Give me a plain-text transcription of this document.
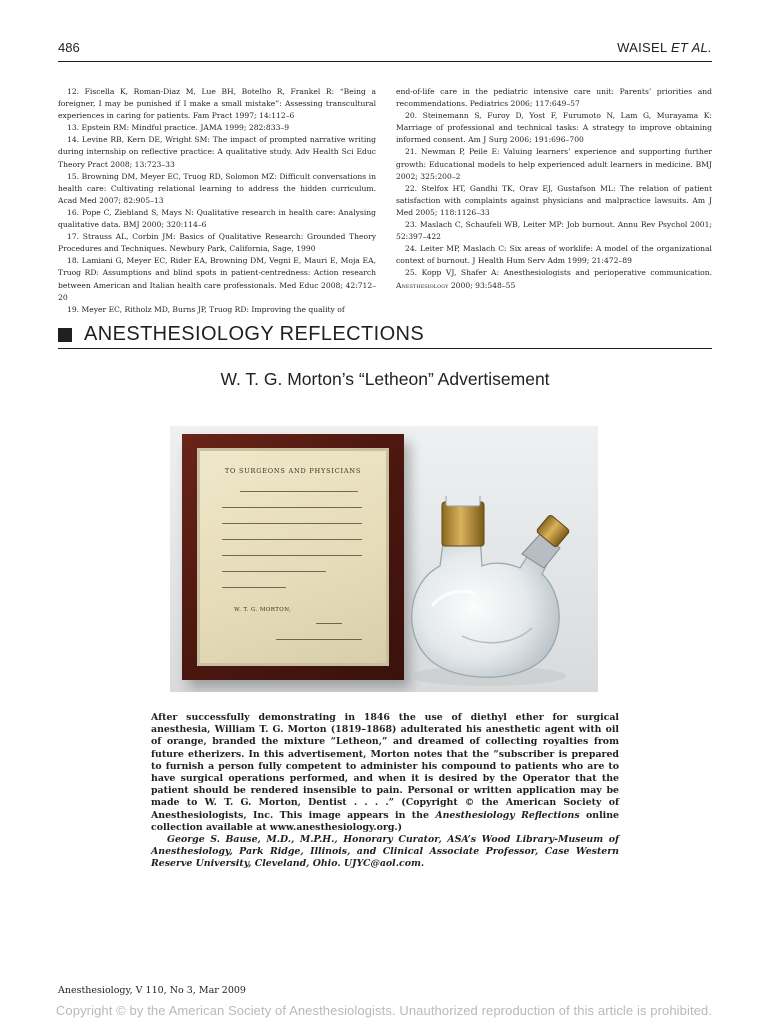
486	WAISEL ET AL.

12. Fiscella K, Roman-Diaz M, Lue BH, Botelho R, Frankel R: “Being a foreigner, I may be punished if I make a small mistake”: Assessing transcultural experiences in caring for patients. Fam Pract 1997; 14:112–6

13. Epstein RM: Mindful practice. JAMA 1999; 282:833–9

14. Levine RB, Kern DE, Wright SM: The impact of prompted narrative writing during internship on reflective practice: A qualitative study. Adv Health Sci Educ Theory Pract 2008; 13:723–33

15. Browning DM, Meyer EC, Truog RD, Solomon MZ: Difficult conversations in health care: Cultivating relational learning to address the hidden curriculum. Acad Med 2007; 82:905–13

16. Pope C, Ziebland S, Mays N: Qualitative research in health care: Analysing qualitative data. BMJ 2000; 320:114–6

17. Strauss AL, Corbin JM: Basics of Qualitative Research: Grounded Theory Procedures and Techniques. Newbury Park, California, Sage, 1990

18. Lamiani G, Meyer EC, Rider EA, Browning DM, Vegni E, Mauri E, Moja EA, Truog RD: Assumptions and blind spots in patient-centredness: Action research between American and Italian health care professionals. Med Educ 2008; 42:712–20

19. Meyer EC, Ritholz MD, Burns JP, Truog RD: Improving the quality of

end-of-life care in the pediatric intensive care unit: Parents’ priorities and recommendations. Pediatrics 2006; 117:649–57

20. Steinemann S, Furoy D, Yost F, Furumoto N, Lam G, Murayama K: Marriage of professional and technical tasks: A strategy to improve obtaining informed consent. Am J Surg 2006; 191:696–700

21. Newman P, Peile E: Valuing learners’ experience and supporting further growth: Educational models to help experienced adult learners in medicine. BMJ 2002; 325:200–2

22. Stelfox HT, Gandhi TK, Orav EJ, Gustafson ML: The relation of patient satisfaction with complaints against physicians and malpractice lawsuits. Am J Med 2005; 118:1126–33

23. Maslach C, Schaufeli WB, Leiter MP: Job burnout. Annu Rev Psychol 2001; 52:397–422

24. Leiter MP, Maslach C: Six areas of worklife: A model of the organizational context of burnout. J Health Hum Serv Adm 1999; 21:472–89

25. Kopp VJ, Shafer A: Anesthesiologists and perioperative communication. Anesthesiology 2000; 93:548–55

ANESTHESIOLOGY REFLECTIONS
W. T. G. Morton’s “Letheon” Advertisement
TO SURGEONS AND PHYSICIANS
W. T. G. MORTON,

After successfully demonstrating in 1846 the use of diethyl ether for surgical anesthesia, William T. G. Morton (1819–1868) adulterated his anesthetic agent with oil of orange, branded the mixture “Letheon,” and dreamed of collecting royalties from future etherizers. In this advertisement, Morton notes that the “subscriber is prepared to furnish a person fully competent to administer his compound to patients who are to have surgical operations performed, and when it is desired by the Operator that the patient should be rendered insensible to pain. Personal or written application may be made to W. T. G. Morton, Dentist . . . .” (Copyright © the American Society of Anesthesiologists, Inc. This image appears in the Anesthesiology Reflections online collection available at www.anesthesiology.org.)

George S. Bause, M.D., M.P.H., Honorary Curator, ASA’s Wood Library-Museum of Anesthesiology, Park Ridge, Illinois, and Clinical Associate Professor, Case Western Reserve University, Cleveland, Ohio. UJYC@aol.com.

Anesthesiology, V 110, No 3, Mar 2009
Copyright © by the American Society of Anesthesiologists. Unauthorized reproduction of this article is prohibited.
